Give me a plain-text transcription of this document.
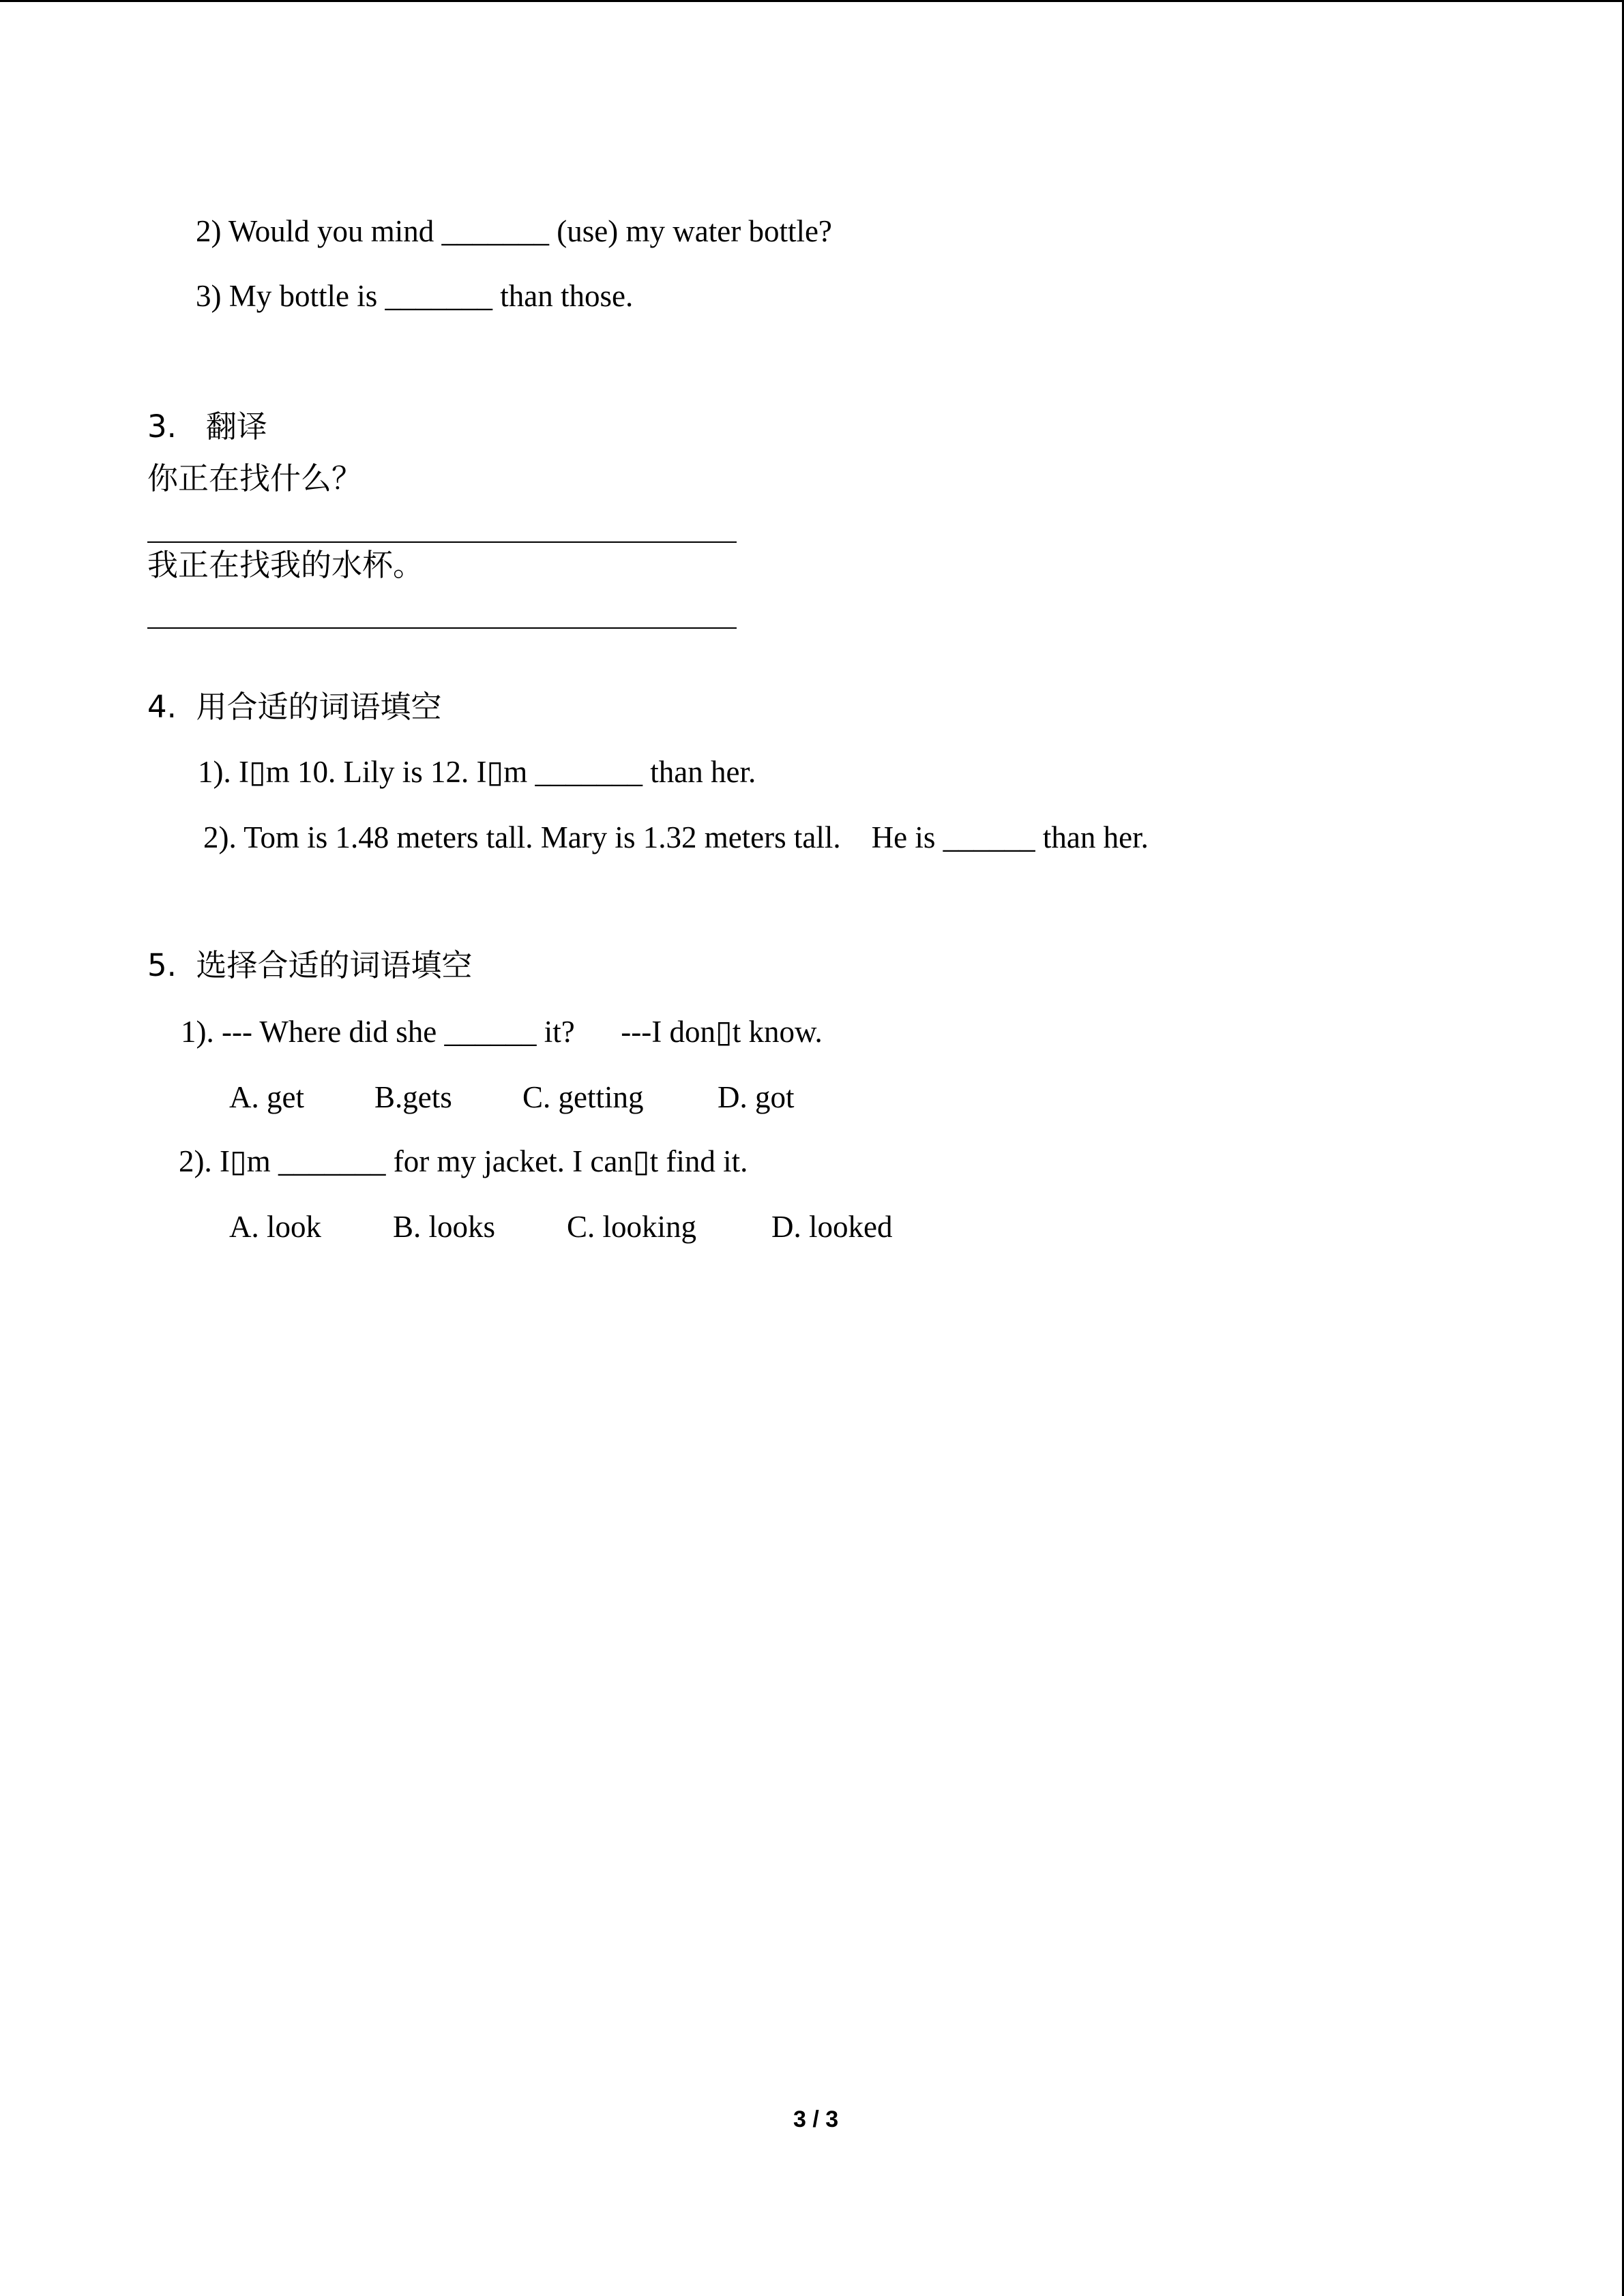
2) Would you mind _______ (use) my water bottle?

3) My bottle is _______ than those.

3.   翻译

你正在找什么？

我正在找我的水杯。

4.  用合适的词语填空

1). I▯m 10. Lily is 12. I▯m _______ than her.

2). Tom is 1.48 meters tall. Mary is 1.32 meters tall.    He is ______ than her.

5.  选择合适的词语填空

1). --- Where did she ______ it?      ---I don▯t know.

A. get B.gets C. getting D. got

2). I▯m _______ for my jacket. I can▯t find it.

A. look B. looks C. looking D. looked

3 / 3
